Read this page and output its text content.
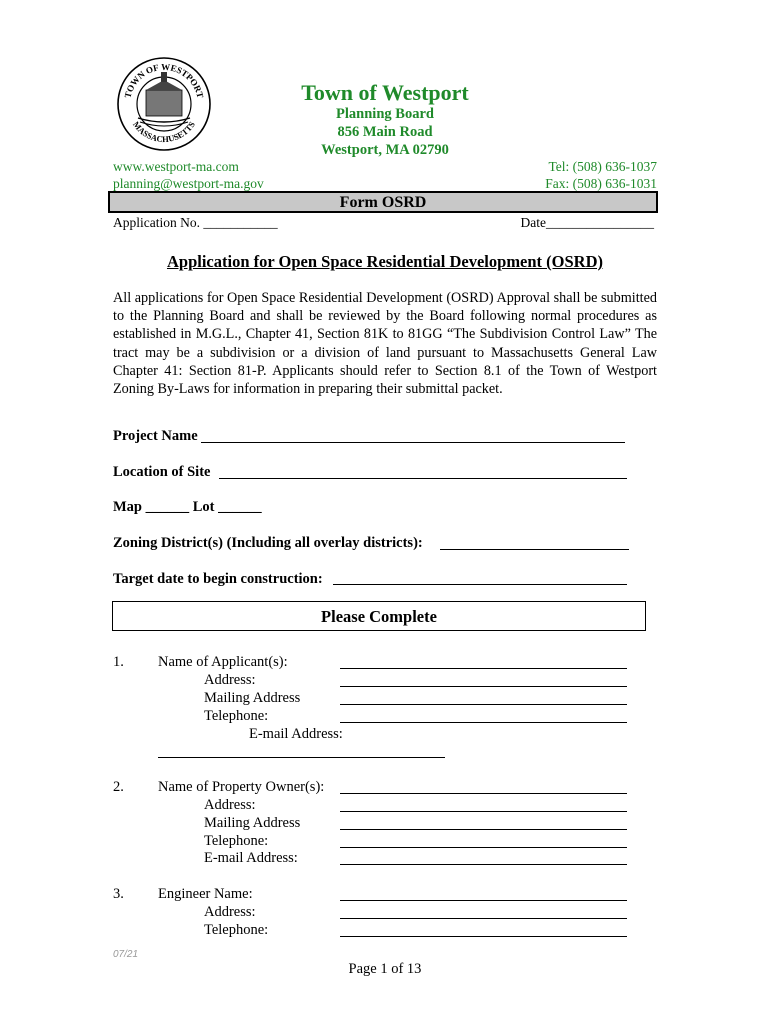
TOWN OF WESTPORT
MASSACHUSETTS
Town of Westport
Planning Board
856 Main Road
Westport, MA 02790
www.westport-ma.com
planning@westport-ma.gov
Tel: (508) 636-1037
Fax: (508) 636-1031
Form OSRD
Application No. ___________	Date________________
Application for Open Space Residential Development (OSRD)
All applications for Open Space Residential Development (OSRD) Approval shall be submitted to the Planning Board and shall be reviewed by the Board following normal procedures as established in M.G.L., Chapter 41, Section 81K to 81GG “The Subdivision Control Law” The tract may be a subdivision or a division of land pursuant to Massachusetts General Law Chapter 41: Section 81-P. Applicants should refer to Section 8.1 of the Town of Westport Zoning By-Laws for information in preparing their submittal packet.
Project Name
Location of Site
Map ______ Lot ______
Zoning District(s) (Including all overlay districts):
Target date to begin construction:
Please Complete
1. Name of Applicant(s):
Address:
Mailing Address
Telephone:
E-mail Address:
2. Name of Property Owner(s):
Address:
Mailing Address
Telephone:
E-mail Address:
3. Engineer Name:
Address:
Telephone:
07/21
Page 1 of 13
